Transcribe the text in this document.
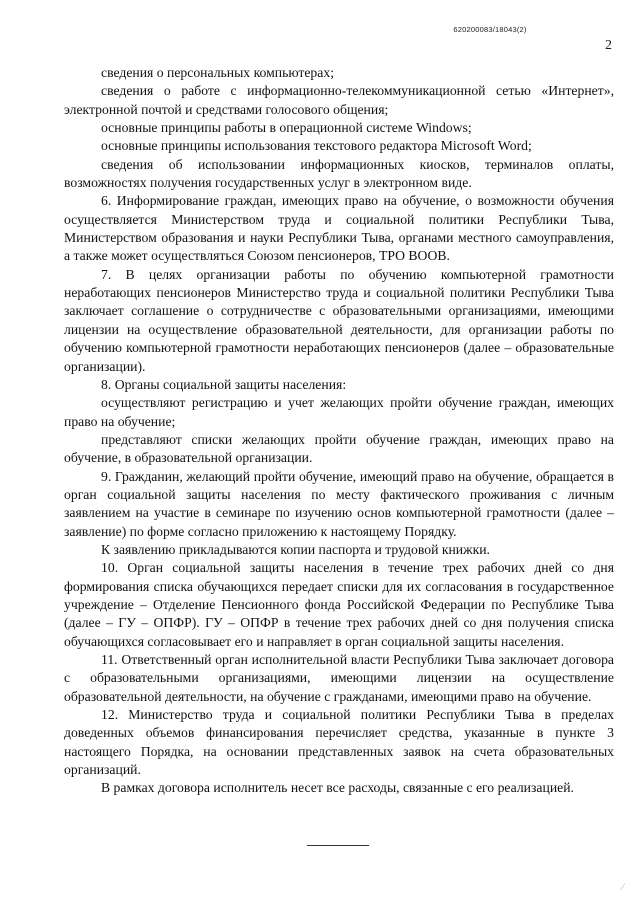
620200083/18043(2)
2

сведения о персональных компьютерах;

сведения о работе с информационно-телекоммуникационной сетью «Интернет», электронной почтой и средствами голосового общения;

основные принципы работы в операционной системе Windows;

основные принципы использования текстового редактора Microsoft Word;

сведения об использовании информационных киосков, терминалов оплаты, возможностях получения государственных услуг в электронном виде.

6. Информирование граждан, имеющих право на обучение, о возможности обучения осуществляется Министерством труда и социальной политики Республики Тыва, Министерством образования и науки Республики Тыва, органами местного самоуправления, а также может осуществляться Союзом пенсионеров, ТРО ВООВ.

7. В целях организации работы по обучению компьютерной грамотности неработающих пенсионеров Министерство труда и социальной политики Республики Тыва заключает соглашение о сотрудничестве с образовательными организациями, имеющими лицензии на осуществление образовательной деятельности, для организации работы по обучению компьютерной грамотности неработающих пенсионеров (далее – образовательные организации).

8. Органы социальной защиты населения:

осуществляют регистрацию и учет желающих пройти обучение граждан, имеющих право на обучение;

представляют списки желающих пройти обучение граждан, имеющих право на обучение, в образовательной организации.

9. Гражданин, желающий пройти обучение, имеющий право на обучение, обращается в орган социальной защиты населения по месту фактического проживания с личным заявлением на участие в семинаре по изучению основ компьютерной грамотности (далее – заявление) по форме согласно приложению к настоящему Порядку.

К заявлению прикладываются копии паспорта и трудовой книжки.

10. Орган социальной защиты населения в течение трех рабочих дней со дня формирования списка обучающихся передает списки для их согласования в государственное учреждение – Отделение Пенсионного фонда Российской Федерации по Республике Тыва (далее – ГУ – ОПФР). ГУ – ОПФР в течение трех рабочих дней со дня получения списка обучающихся согласовывает его и направляет в орган социальной защиты населения.

11. Ответственный орган исполнительной власти Республики Тыва заключает договора с образовательными организациями, имеющими лицензии на осуществление образовательной деятельности, на обучение с гражданами, имеющими право на обучение.

12. Министерство труда и социальной политики Республики Тыва в пределах доведенных объемов финансирования перечисляет средства, указанные в пункте 3 настоящего Порядка, на основании представленных заявок на счета образовательных организаций.

В рамках договора исполнитель несет все расходы, связанные с его реализацией.

⁄
